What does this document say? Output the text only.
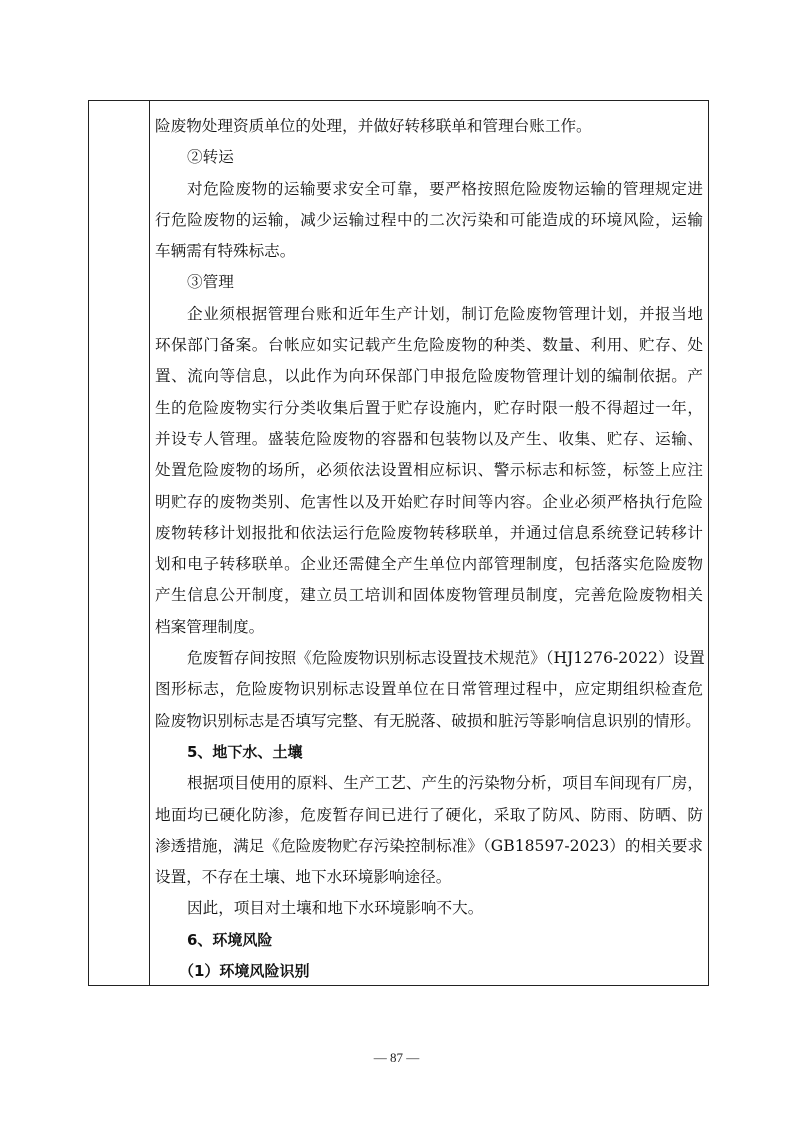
险废物处理资质单位的处理，并做好转移联单和管理台账工作。
②转运
对危险废物的运输要求安全可靠，要严格按照危险废物运输的管理规定进
行危险废物的运输，减少运输过程中的二次污染和可能造成的环境风险，运输
车辆需有特殊标志。
③管理
企业须根据管理台账和近年生产计划，制订危险废物管理计划，并报当地
环保部门备案。台帐应如实记载产生危险废物的种类、数量、利用、贮存、处
置、流向等信息，以此作为向环保部门申报危险废物管理计划的编制依据。产
生的危险废物实行分类收集后置于贮存设施内，贮存时限一般不得超过一年，
并设专人管理。盛装危险废物的容器和包装物以及产生、收集、贮存、运输、
处置危险废物的场所，必须依法设置相应标识、警示标志和标签，标签上应注
明贮存的废物类别、危害性以及开始贮存时间等内容。企业必须严格执行危险
废物转移计划报批和依法运行危险废物转移联单，并通过信息系统登记转移计
划和电子转移联单。企业还需健全产生单位内部管理制度，包括落实危险废物
产生信息公开制度，建立员工培训和固体废物管理员制度，完善危险废物相关
档案管理制度。
危废暂存间按照《危险废物识别标志设置技术规范》（HJ1276-2022）设置
图形标志，危险废物识别标志设置单位在日常管理过程中，应定期组织检查危
险废物识别标志是否填写完整、有无脱落、破损和脏污等影响信息识别的情形。
5、地下水、土壤
根据项目使用的原料、生产工艺、产生的污染物分析，项目车间现有厂房，
地面均已硬化防渗，危废暂存间已进行了硬化，采取了防风、防雨、防晒、防
渗透措施，满足《危险废物贮存污染控制标准》（GB18597-2023）的相关要求
设置，不存在土壤、地下水环境影响途径。
因此，项目对土壤和地下水环境影响不大。
6、环境风险
（1）环境风险识别
— 87 —
